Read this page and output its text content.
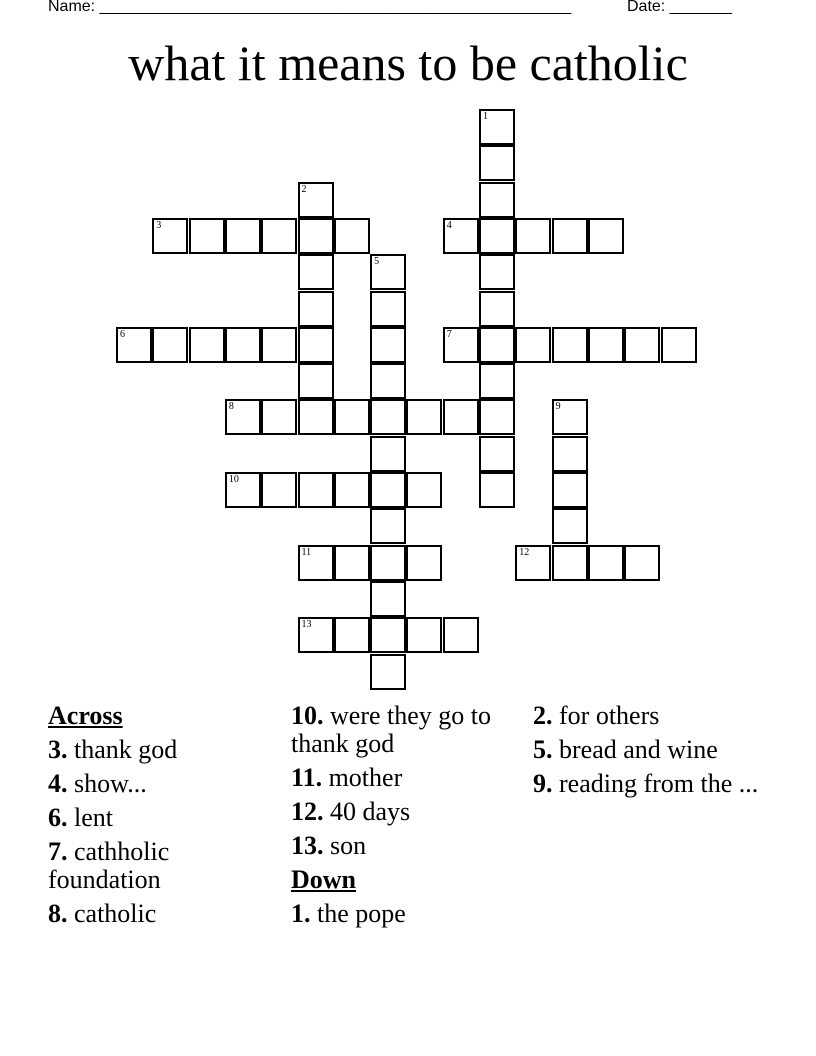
Name: _____________________________________________________	Date: _______
what it means to be catholic
1
2
3	4
5
6	7
8	9
10
11	12
13
Across
3. thank god
4. show...
6. lent
7. cathholic foundation
8. catholic
10. were they go to thank god
11. mother
12. 40 days
13. son
Down
1. the pope
2. for others
5. bread and wine
9. reading from the ...
